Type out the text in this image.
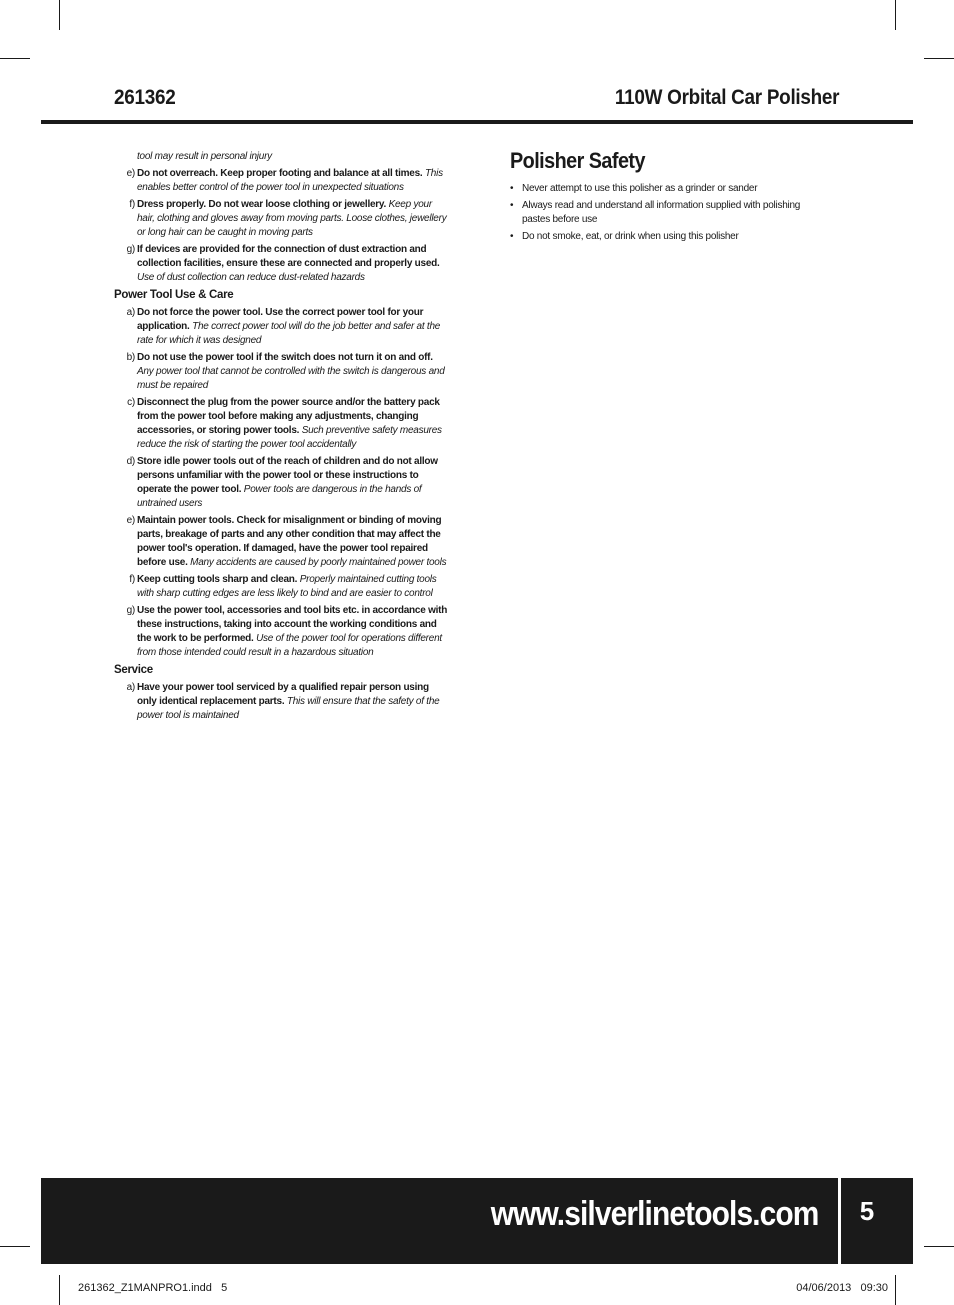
261362	110W Orbital Car Polisher
tool may result in personal injury
e) Do not overreach. Keep proper footing and balance at all times. This enables better control of the power tool in unexpected situations
f) Dress properly. Do not wear loose clothing or jewellery. Keep your hair, clothing and gloves away from moving parts. Loose clothes, jewellery or long hair can be caught in moving parts
g) If devices are provided for the connection of dust extraction and collection facilities, ensure these are connected and properly used. Use of dust collection can reduce dust-related hazards
Power Tool Use & Care
a) Do not force the power tool. Use the correct power tool for your application. The correct power tool will do the job better and safer at the rate for which it was designed
b) Do not use the power tool if the switch does not turn it on and off. Any power tool that cannot be controlled with the switch is dangerous and must be repaired
c) Disconnect the plug from the power source and/or the battery pack from the power tool before making any adjustments, changing accessories, or storing power tools. Such preventive safety measures reduce the risk of starting the power tool accidentally
d) Store idle power tools out of the reach of children and do not allow persons unfamiliar with the power tool or these instructions to operate the power tool. Power tools are dangerous in the hands of untrained users
e) Maintain power tools. Check for misalignment or binding of moving parts, breakage of parts and any other condition that may affect the power tool's operation. If damaged, have the power tool repaired before use. Many accidents are caused by poorly maintained power tools
f) Keep cutting tools sharp and clean. Properly maintained cutting tools with sharp cutting edges are less likely to bind and are easier to control
g) Use the power tool, accessories and tool bits etc. in accordance with these instructions, taking into account the working conditions and the work to be performed. Use of the power tool for operations different from those intended could result in a hazardous situation
Service
a) Have your power tool serviced by a qualified repair person using only identical replacement parts. This will ensure that the safety of the power tool is maintained
Polisher Safety
• Never attempt to use this polisher as a grinder or sander
• Always read and understand all information supplied with polishing pastes before use
• Do not smoke, eat, or drink when using this polisher
www.silverlinetools.com	5
261362_Z1MANPRO1.indd   5	04/06/2013   09:30
